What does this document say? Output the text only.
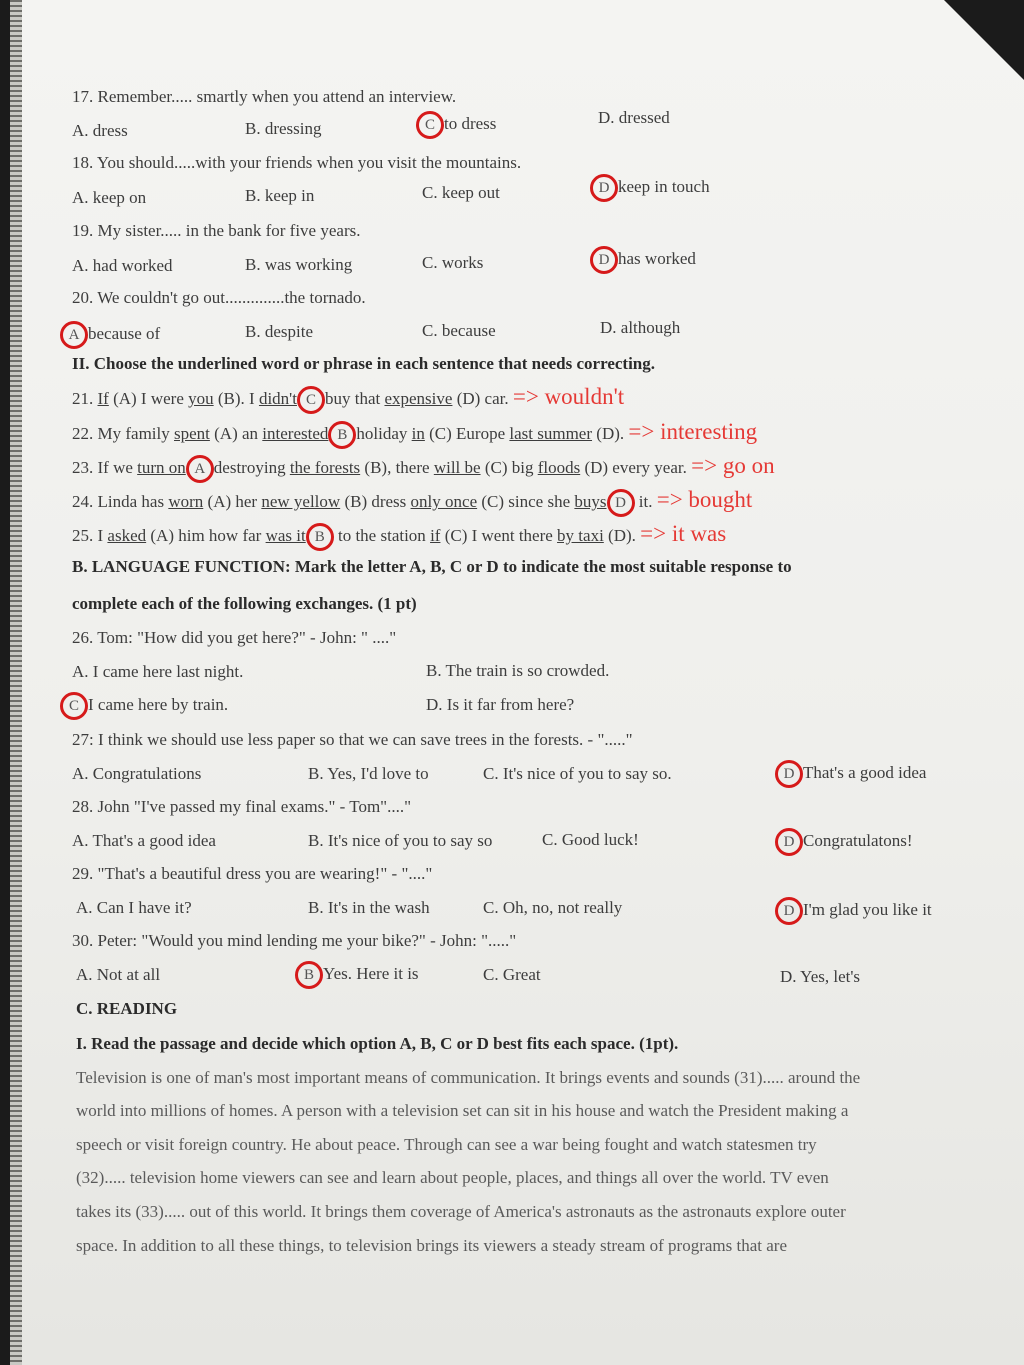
17. Remember..... smartly when you attend an interview.
A. dress	B. dressing	C to dress	D. dressed
18. You should.....with your friends when you visit the mountains.
A. keep on	B. keep in	C. keep out	D keep in touch
19. My sister..... in the bank for five years.
A. had worked	B. was working	C. works	D has worked
20. We couldn't go out..............the tornado.
A because of	B. despite	C. because	D. although
II. Choose the underlined word or phrase in each sentence that needs correcting.
21. If (A) I were you (B). I didn't C buy that expensive (D) car. => wouldn't
22. My family spent (A) an interested B holiday in (C) Europe last summer (D). => interesting
23. If we turn on A destroying the forests (B), there will be (C) big floods (D) every year. => go on
24. Linda has worn (A) her new yellow (B) dress only once (C) since she buys D it. => bought
25. I asked (A) him how far was it B to the station if (C) I went there by taxi (D). => it was
B. LANGUAGE FUNCTION: Mark the letter A, B, C or D to indicate the most suitable response to
complete each of the following exchanges. (1 pt)
26. Tom: "How did you get here?" - John: " ...."
A. I came here last night.	B. The train is so crowded.
C I came here by train.	D. Is it far from here?
27: I think we should use less paper so that we can save trees in the forests. - "....."
A. Congratulations	B. Yes, I'd love to	C. It's nice of you to say so.	D That's a good idea
28. John "I've passed my final exams." - Tom"...."
A. That's a good idea	B. It's nice of you to say so	C. Good luck!	D Congratulatons!
29. "That's a beautiful dress you are wearing!" - "...."
A. Can I have it?	B. It's in the wash	C. Oh, no, not really	D I'm glad you like it
30. Peter: "Would you mind lending me your bike?" - John: "....."
A. Not at all	B Yes. Here it is	C. Great	D. Yes, let's
C. READING
I. Read the passage and decide which option A, B, C or D best fits each space. (1pt).
Television is one of man's most important means of communication. It brings events and sounds (31)..... around the
world into millions of homes. A person with a television set can sit in his house and watch the President making a
speech or visit foreign country. He about peace. Through can see a war being fought and watch statesmen try
(32)..... television home viewers can see and learn about people, places, and things all over the world. TV even
takes its (33)..... out of this world. It brings them coverage of America's astronauts as the astronauts explore outer
space. In addition to all these things, to television brings its viewers a steady stream of programs that are
